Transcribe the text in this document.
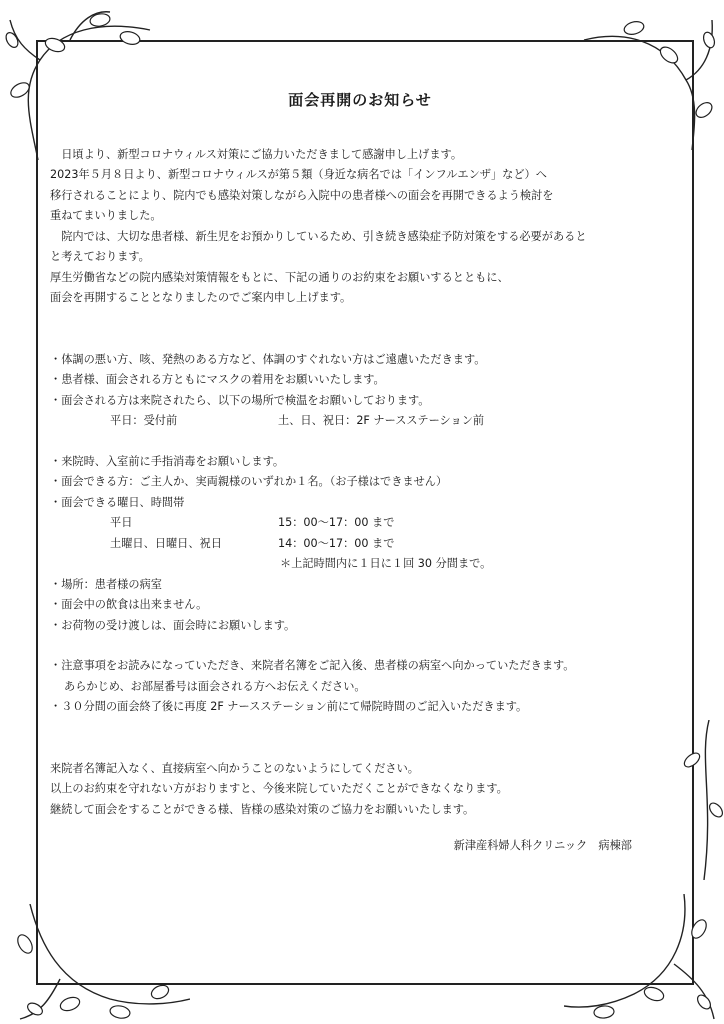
面会再開のお知らせ

日頃より、新型コロナウィルス対策にご協力いただきまして感謝申し上げます。

2023年５月８日より、新型コロナウィルスが第５類（身近な病名では「インフルエンザ」など）へ

移行されることにより、院内でも感染対策しながら入院中の患者様への面会を再開できるよう検討を

重ねてまいりました。

院内では、大切な患者様、新生児をお預かりしているため、引き続き感染症予防対策をする必要があると

と考えております。

厚生労働省などの院内感染対策情報をもとに、下記の通りのお約束をお願いするとともに、

面会を再開することとなりましたのでご案内申し上げます。

・ 体調の悪い方、咳、発熱のある方など、体調のすぐれない方はご遠慮いただきます。
・ 患者様、面会される方ともにマスクの着用をお願いいたします。
・ 面会される方は来院されたら、以下の場所で検温をお願いしております。
平日：受付前	土、日、祝日：2F ナースステーション前
・ 来院時、入室前に手指消毒をお願いします。
・ 面会できる方：ご主人か、実両親様のいずれか１名。（お子様はできません）
・ 面会できる曜日、時間帯
平日	15：00〜17：00 まで
土曜日、日曜日、祝日	14：00〜17：00 まで
＊上記時間内に１日に１回 30 分間まで。
・ 場所：患者様の病室
・ 面会中の飲食は出来ません。
・ お荷物の受け渡しは、面会時にお願いします。
・ 注意事項をお読みになっていただき、来院者名簿をご記入後、患者様の病室へ向かっていただきます。
あらかじめ、お部屋番号は面会される方へお伝えください。
・ ３０分間の面会終了後に再度 2F ナースステーション前にて帰院時間のご記入いただきます。

来院者名簿記入なく、直接病室へ向かうことのないようにしてください。

以上のお約束を守れない方がおりますと、今後来院していただくことができなくなります。

継続して面会をすることができる様、皆様の感染対策のご協力をお願いいたします。

新津産科婦人科クリニック　病棟部
